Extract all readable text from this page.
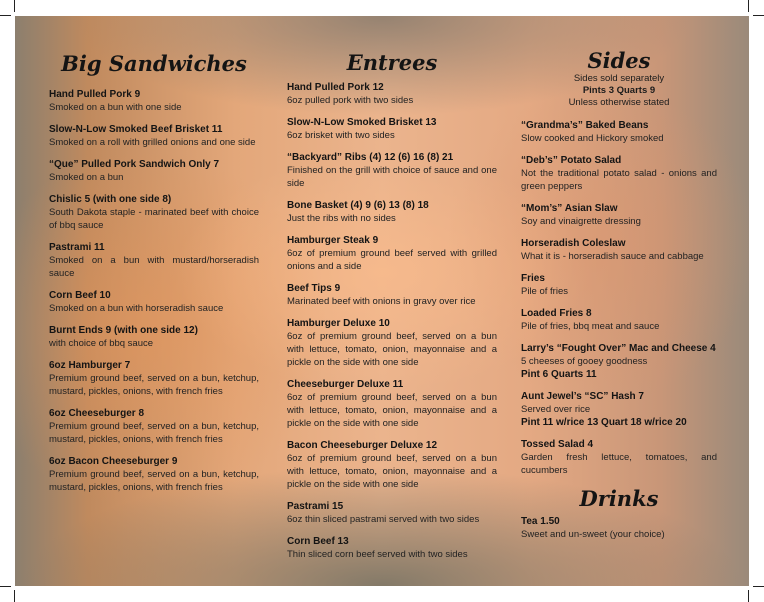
Big Sandwiches
Hand Pulled Pork 9
Smoked on a bun with one side
Slow-N-Low Smoked Beef Brisket 11
Smoked on a roll with grilled onions and one side
“Que” Pulled Pork Sandwich Only 7
Smoked on a bun
Chislic 5 (with one side 8)
South Dakota staple - marinated beef with choice of bbq sauce
Pastrami 11
Smoked on a bun with mustard/horseradish sauce
Corn Beef 10
Smoked on a bun with horseradish sauce
Burnt Ends 9 (with one side 12)
with choice of bbq sauce
6oz Hamburger 7
Premium ground beef, served on a bun, ketchup, mustard, pickles, onions, with french fries
6oz Cheeseburger 8
Premium ground beef, served on a bun, ketchup, mustard, pickles, onions, with french fries
6oz Bacon Cheeseburger 9
Premium ground beef, served on a bun, ketchup, mustard, pickles, onions, with french fries
Entrees
Hand Pulled Pork 12
6oz pulled pork with two sides
Slow-N-Low Smoked Brisket 13
6oz brisket with two sides
“Backyard” Ribs (4) 12 (6) 16 (8) 21
Finished on the grill with choice of sauce and one side
Bone Basket (4) 9 (6) 13 (8) 18
Just the ribs with no sides
Hamburger Steak 9
6oz of premium ground beef served with grilled onions and a side
Beef Tips 9
Marinated beef with onions in gravy over rice
Hamburger Deluxe 10
6oz of premium ground beef, served on a bun with lettuce, tomato, onion, mayonnaise and a pickle on the side with one side
Cheeseburger Deluxe 11
6oz of premium ground beef, served on a bun with lettuce, tomato, onion, mayonnaise and a pickle on the side with one side
Bacon Cheeseburger Deluxe 12
6oz of premium ground beef, served on a bun with lettuce, tomato, onion, mayonnaise and a pickle on the side with one side
Pastrami 15
6oz thin sliced pastrami served with two sides
Corn Beef 13
Thin sliced corn beef served with two sides
Sides
Sides sold separately
Pints 3 Quarts 9
Unless otherwise stated
“Grandma’s” Baked Beans
Slow cooked and Hickory smoked
“Deb’s” Potato Salad
Not the traditional potato salad - onions and green peppers
“Mom’s” Asian Slaw
Soy and vinaigrette dressing
Horseradish Coleslaw
What it is - horseradish sauce and cabbage
Fries
Pile of fries
Loaded Fries 8
Pile of fries, bbq meat and sauce
Larry’s “Fought Over” Mac and Cheese 4
5 cheeses of gooey goodness
Pint 6 Quarts 11
Aunt Jewel’s “SC” Hash 7
Served over rice
Pint 11 w/rice 13 Quart 18 w/rice 20
Tossed Salad 4
Garden fresh lettuce, tomatoes, and cucumbers
Drinks
Tea 1.50
Sweet and un-sweet (your choice)
